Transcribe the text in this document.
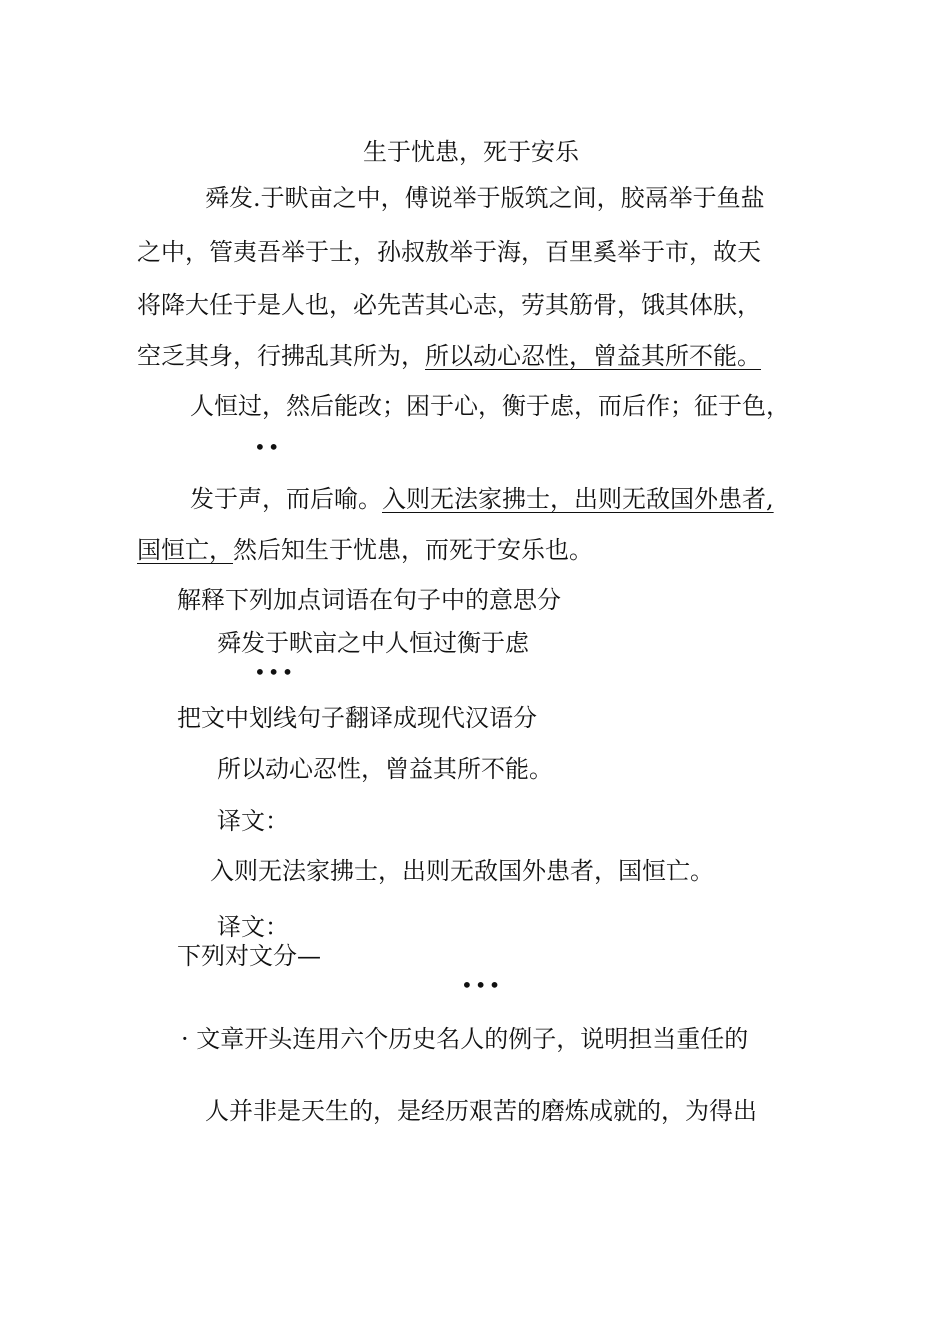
生于忧患，死于安乐
舜发.于畎亩之中，傅说举于版筑之间，胶鬲举于鱼盐
之中，管夷吾举于士，孙叔敖举于海，百里奚举于市，故天
将降大任于是人也，必先苦其心志，劳其筋骨，饿其体肤，
空乏其身，行拂乱其所为，所以动心忍性，曾益其所不能。
人恒过，然后能改；困于心，衡于虑，而后作；征于色，
••
发于声，而后喻。入则无法家拂士，出则无敌国外患者,
国恒亡，然后知生于忧患，而死于安乐也。
解释下列加点词语在句子中的意思分
舜发于畎亩之中人恒过衡于虑
•••
把文中划线句子翻译成现代汉语分
所以动心忍性，曾益其所不能。
译文：
入则无法家拂士，出则无敌国外患者，国恒亡。
译文：
下列对文分—
•••
· 文章开头连用六个历史名人的例子，说明担当重任的
人并非是天生的，是经历艰苦的磨炼成就的，为得出
